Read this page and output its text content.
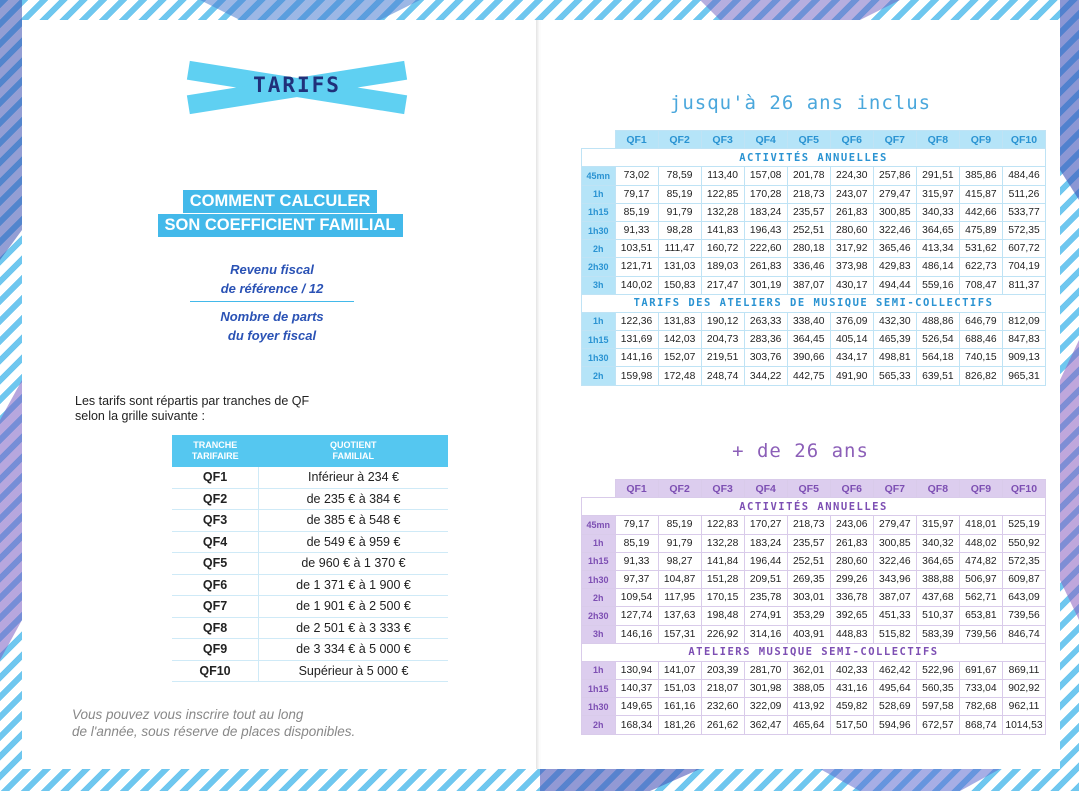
TARIFS
COMMENT CALCULER
SON COEFFICIENT FAMILIAL
Revenu fiscal
de référence / 12
Nombre de parts
du foyer fiscal
Les tarifs sont répartis par tranches de QF
selon la grille suivante :
TRANCHE
TARIFAIRE	QUOTIENT
FAMILIAL
QF1	Inférieur à 234 €
QF2	de 235 € à 384 €
QF3	de 385 € à 548 €
QF4	de 549 € à 959 €
QF5	de 960 € à 1 370 €
QF6	de 1 371 € à 1 900 €
QF7	de 1 901 € à 2 500 €
QF8	de 2 501 € à 3 333 €
QF9	de 3 334 € à 5 000 €
QF10	Supérieur à 5 000 €
Vous pouvez vous inscrire tout au long
de l'année, sous réserve de places disponibles.
jusqu'à 26 ans inclus
	QF1	QF2	QF3	QF4	QF5	QF6	QF7	QF8	QF9	QF10
ACTIVITÉS ANNUELLES										
45mn	73,02	78,59	113,40	157,08	201,78	224,30	257,86	291,51	385,86	484,46
1h	79,17	85,19	122,85	170,28	218,73	243,07	279,47	315,97	415,87	511,26
1h15	85,19	91,79	132,28	183,24	235,57	261,83	300,85	340,33	442,66	533,77
1h30	91,33	98,28	141,83	196,43	252,51	280,60	322,46	364,65	475,89	572,35
2h	103,51	111,47	160,72	222,60	280,18	317,92	365,46	413,34	531,62	607,72
2h30	121,71	131,03	189,03	261,83	336,46	373,98	429,83	486,14	622,73	704,19
3h	140,02	150,83	217,47	301,19	387,07	430,17	494,44	559,16	708,47	811,37
TARIFS DES ATELIERS DE MUSIQUE SEMI-COLLECTIFS										
1h	122,36	131,83	190,12	263,33	338,40	376,09	432,30	488,86	646,79	812,09
1h15	131,69	142,03	204,73	283,36	364,45	405,14	465,39	526,54	688,46	847,83
1h30	141,16	152,07	219,51	303,76	390,66	434,17	498,81	564,18	740,15	909,13
2h	159,98	172,48	248,74	344,22	442,75	491,90	565,33	639,51	826,82	965,31
+ de 26 ans
	QF1	QF2	QF3	QF4	QF5	QF6	QF7	QF8	QF9	QF10
ACTIVITÉS ANNUELLES										
45mn	79,17	85,19	122,83	170,27	218,73	243,06	279,47	315,97	418,01	525,19
1h	85,19	91,79	132,28	183,24	235,57	261,83	300,85	340,32	448,02	550,92
1h15	91,33	98,27	141,84	196,44	252,51	280,60	322,46	364,65	474,82	572,35
1h30	97,37	104,87	151,28	209,51	269,35	299,26	343,96	388,88	506,97	609,87
2h	109,54	117,95	170,15	235,78	303,01	336,78	387,07	437,68	562,71	643,09
2h30	127,74	137,63	198,48	274,91	353,29	392,65	451,33	510,37	653,81	739,56
3h	146,16	157,31	226,92	314,16	403,91	448,83	515,82	583,39	739,56	846,74
ATELIERS MUSIQUE SEMI-COLLECTIFS										
1h	130,94	141,07	203,39	281,70	362,01	402,33	462,42	522,96	691,67	869,11
1h15	140,37	151,03	218,07	301,98	388,05	431,16	495,64	560,35	733,04	902,92
1h30	149,65	161,16	232,60	322,09	413,92	459,82	528,69	597,58	782,68	962,11
2h	168,34	181,26	261,62	362,47	465,64	517,50	594,96	672,57	868,74	1014,53
